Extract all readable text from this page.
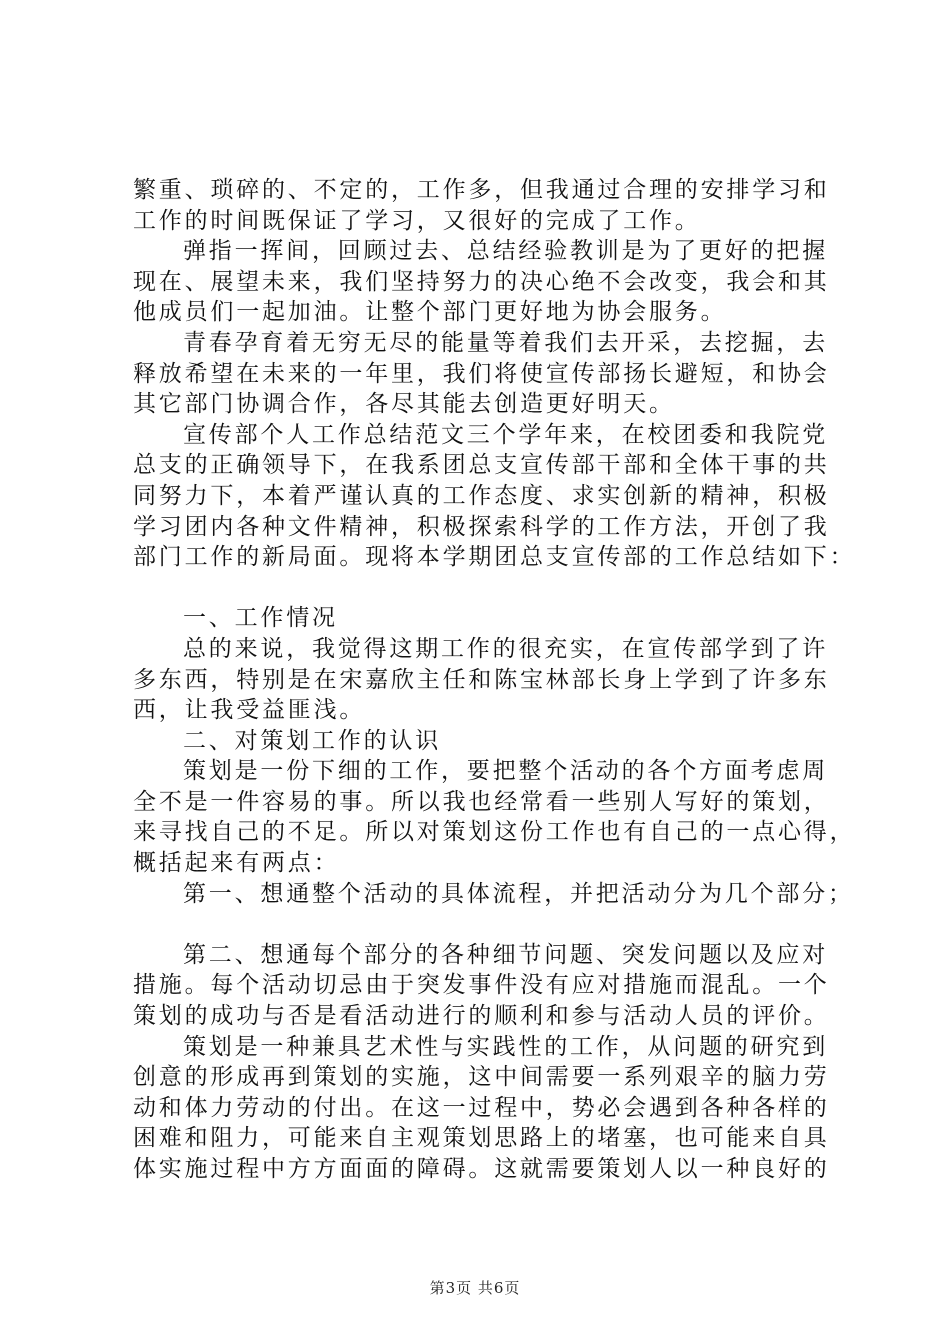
繁重、琐碎的、不定的，工作多，但我通过合理的安排学习和
工作的时间既保证了学习，又很好的完成了工作。
弹指一挥间，回顾过去、总结经验教训是为了更好的把握
现在、展望未来，我们坚持努力的决心绝不会改变，我会和其
他成员们一起加油。让整个部门更好地为协会服务。
青春孕育着无穷无尽的能量等着我们去开采，去挖掘，去
释放希望在未来的一年里，我们将使宣传部扬长避短，和协会
其它部门协调合作，各尽其能去创造更好明天。
宣传部个人工作总结范文三个学年来，在校团委和我院党
总支的正确领导下，在我系团总支宣传部干部和全体干事的共
同努力下，本着严谨认真的工作态度、求实创新的精神，积极
学习团内各种文件精神，积极探索科学的工作方法，开创了我
部门工作的新局面。现将本学期团总支宣传部的工作总结如下：
一、工作情况
总的来说，我觉得这期工作的很充实，在宣传部学到了许
多东西，特别是在宋嘉欣主任和陈宝林部长身上学到了许多东
西，让我受益匪浅。
二、对策划工作的认识
策划是一份下细的工作，要把整个活动的各个方面考虑周
全不是一件容易的事。所以我也经常看一些别人写好的策划，
来寻找自己的不足。所以对策划这份工作也有自己的一点心得，
概括起来有两点：
第一、想通整个活动的具体流程，并把活动分为几个部分；
第二、想通每个部分的各种细节问题、突发问题以及应对
措施。每个活动切忌由于突发事件没有应对措施而混乱。一个
策划的成功与否是看活动进行的顺利和参与活动人员的评价。
策划是一种兼具艺术性与实践性的工作，从问题的研究到
创意的形成再到策划的实施，这中间需要一系列艰辛的脑力劳
动和体力劳动的付出。在这一过程中，势必会遇到各种各样的
困难和阻力，可能来自主观策划思路上的堵塞，也可能来自具
体实施过程中方方面面的障碍。这就需要策划人以一种良好的
第3页 共6页
